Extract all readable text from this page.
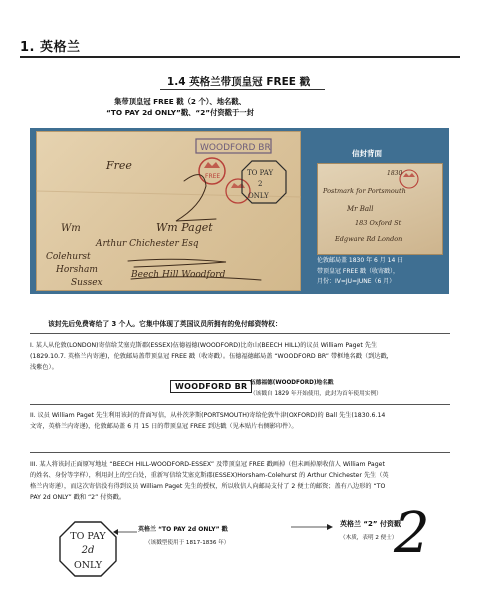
1. 英格兰
1.4 英格兰带顶皇冠 FREE 戳
集带顶皇冠 FREE 戳（2 个）、地名戳、
“TO PAY 2d ONLY”戳、“2”付资戳于一封
WOODFORD BR
FREE	TO PAY
2
ONLY
Free
Wm Paget
Wm
Arthur Chichester Esq
Colehurst
Horsham
Sussex
Beech Hill Woodford
信封背面
1830
Postmark for Portsmouth
Mr Ball
183 Oxford St
Edgware Rd London
伦敦邮局盖 1830 年 6 月 14 日
带顶皇冠 FREE 戳（收寄戳），
月份：IV=JU=JUNE（6 月）
该封先后免费寄给了 3 个人。它集中体现了英国议员所拥有的免付邮资特权：
I. 某人从伦敦(LONDON)寄信给艾塞克斯郡(ESSEX)伍德福德(WOODFORD)比奇山(BEECH HILL)的议员 William Paget 先生
(1829.10.7. 英格兰内寄递)，伦敦邮局盖带顶皇冠 FREE 戳（收寄戳）。伍德福德邮局盖 “WOODFORD BR” 带框地名戳（到达戳，
浅紫色）。
WOODFORD BR 伍德福德(WOODFORD)地名戳
（该戳自 1829 年开始使用，此封为首年使用实例）
II. 议员 William Paget 先生利用该封的背面写信，从朴茨茅斯(PORTSMOUTH)寄给伦敦牛津(OXFORD)的 Ball 先生(1830.6.14
文寄，英格兰内寄递)，伦敦邮局盖 6 月 15 日的带顶皇冠 FREE 到达戳（见本贴片右侧影印件）。
III. 某人将该封正面原写地址 “BEECH HILL-WOODFORD-ESSEX” 及带顶皇冠 FREE 戳画掉（但未画掉原收信人 William Paget
的姓名、身份等字样），利用封上的空白处，重新写信给艾塞克斯郡(ESSEX)Horsham-Colehurst 的 Arthur Chichester 先生（英
格兰内寄递），而这次寄信没有得到议员 William Paget 先生的授权，所以收信人向邮局支付了 2 便士的邮资；盖有八边形的 “TO
PAY 2d ONLY” 戳和 “2” 付资戳。
TO PAY
2d
ONLY
英格兰 “TO PAY 2d ONLY” 戳
（该戳型使用于 1817-1836 年）
英格兰 “2” 付资戳
（木质，表明 2 便士）
2
